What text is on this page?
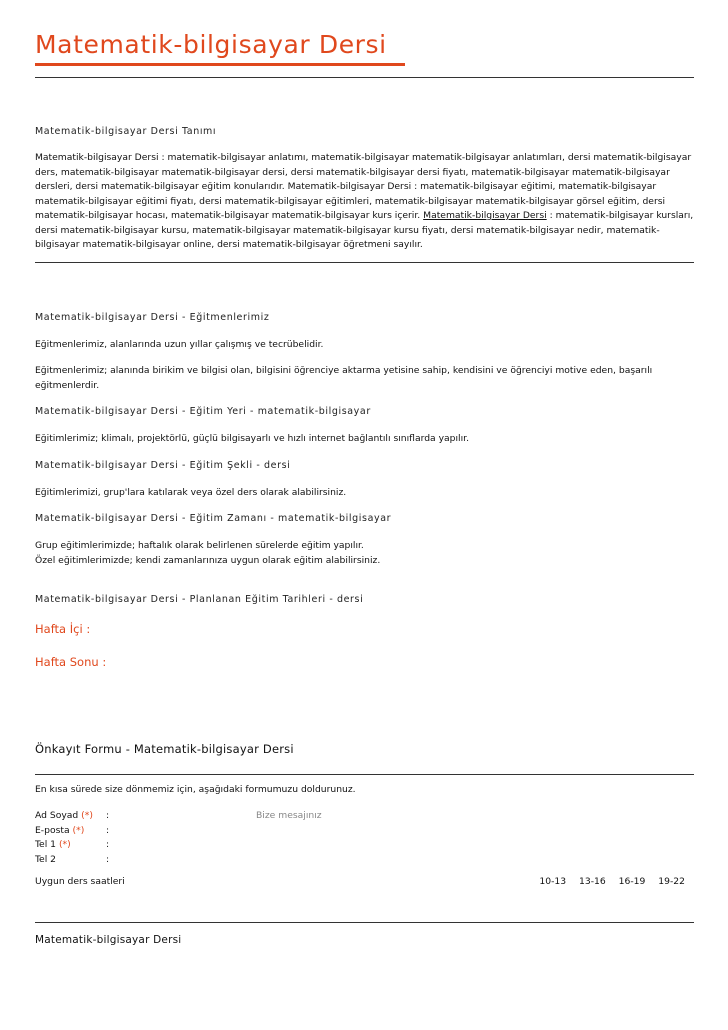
Matematik-bilgisayar Dersi
Matematik-bilgisayar Dersi Tanımı
Matematik-bilgisayar Dersi : matematik-bilgisayar anlatımı, matematik-bilgisayar matematik-bilgisayar anlatımları, dersi matematik-bilgisayar ders, matematik-bilgisayar matematik-bilgisayar dersi, dersi matematik-bilgisayar dersi fiyatı, matematik-bilgisayar matematik-bilgisayar dersleri, dersi matematik-bilgisayar eğitim konularıdır. Matematik-bilgisayar Dersi : matematik-bilgisayar eğitimi, matematik-bilgisayar matematik-bilgisayar eğitimi fiyatı, dersi matematik-bilgisayar eğitimleri, matematik-bilgisayar matematik-bilgisayar görsel eğitim, dersi matematik-bilgisayar hocası, matematik-bilgisayar matematik-bilgisayar kurs içerir. Matematik-bilgisayar Dersi : matematik-bilgisayar kursları, dersi matematik-bilgisayar kursu, matematik-bilgisayar matematik-bilgisayar kursu fiyatı, dersi matematik-bilgisayar nedir, matematik-bilgisayar matematik-bilgisayar online, dersi matematik-bilgisayar öğretmeni sayılır.
Matematik-bilgisayar Dersi - Eğitmenlerimiz
Eğitmenlerimiz, alanlarında uzun yıllar çalışmış ve tecrübelidir.
Eğitmenlerimiz; alanında birikim ve bilgisi olan, bilgisini öğrenciye aktarma yetisine sahip, kendisini ve öğrenciyi motive eden, başarılı eğitmenlerdir.
Matematik-bilgisayar Dersi - Eğitim Yeri - matematik-bilgisayar
Eğitimlerimiz; klimalı, projektörlü, güçlü bilgisayarlı ve hızlı internet bağlantılı sınıflarda yapılır.
Matematik-bilgisayar Dersi - Eğitim Şekli - dersi
Eğitimlerimizi, grup'lara katılarak veya özel ders olarak alabilirsiniz.
Matematik-bilgisayar Dersi - Eğitim Zamanı - matematik-bilgisayar
Grup eğitimlerimizde; haftalık olarak belirlenen sürelerde eğitim yapılır.
Özel eğitimlerimizde; kendi zamanlarınıza uygun olarak eğitim alabilirsiniz.
Matematik-bilgisayar Dersi - Planlanan Eğitim Tarihleri - dersi
Hafta İçi :
Hafta Sonu :
Önkayıt Formu - Matematik-bilgisayar Dersi
En kısa sürede size dönmemiz için, aşağıdaki formumuzu doldurunuz.
Ad Soyad (*) :
E-posta (*) :
Tel 1 (*)	:
Tel 2	:
Bize mesajınız
Uygun ders saatleri	10-13 13-16 16-19 19-22
Matematik-bilgisayar Dersi
